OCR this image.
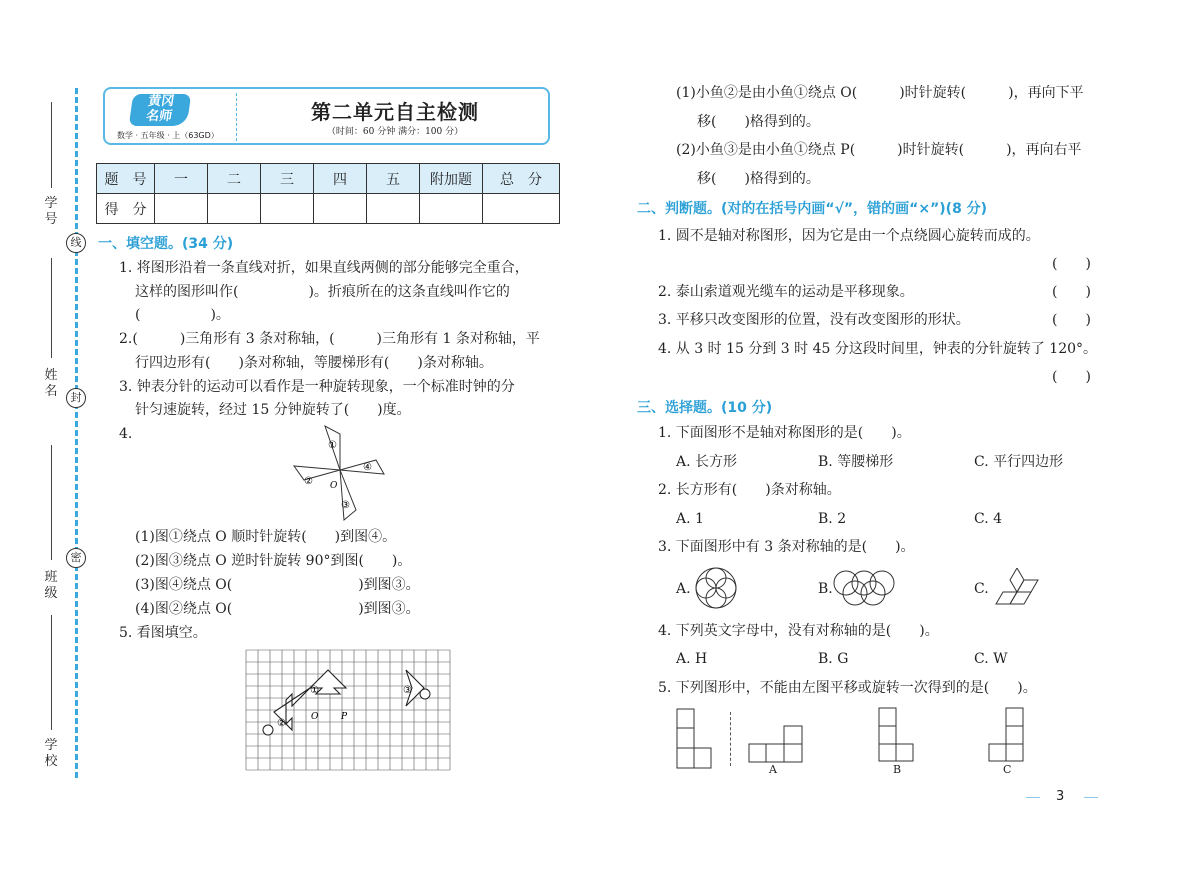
学 号
姓 名
班 级
学 校
线
封
密
黄冈
名师
数学 · 五年级 · 上（63GD）
第二单元自主检测
（时间：60 分钟 满分：100 分）
题　号	一	二	三	四	五	附加题	总　分
得　分							
一、填空题。(34 分)
1. 将图形沿着一条直线对折，如果直线两侧的部分能够完全重合，
这样的图形叫作(　　　　　)。折痕所在的这条直线叫作它的
(　　　　　)。
2.(　　　)三角形有 3 条对称轴，(　　　)三角形有 1 条对称轴，平
行四边形有(　　)条对称轴，等腰梯形有(　　)条对称轴。
3. 钟表分针的运动可以看作是一种旋转现象，一个标准时钟的分
针匀速旋转，经过 15 分钟旋转了(　　)度。
4.
①
④
②
③
O
(1)图①绕点 O 顺时针旋转(　　)到图④。
(2)图③绕点 O 逆时针旋转 90°到图(　　)。
(3)图④绕点 O(　　　　　　　　　)到图③。
(4)图②绕点 O(　　　　　　　　　)到图③。
5. 看图填空。
①
②
③
O	P
(1)小鱼②是由小鱼①绕点 O(　　　)时针旋转(　　　)，再向下平
移(　　)格得到的。
(2)小鱼③是由小鱼①绕点 P(　　　)时针旋转(　　　)，再向右平
移(　　)格得到的。
二、判断题。(对的在括号内画“√”，错的画“×”)(8 分)
1. 圆不是轴对称图形，因为它是由一个点绕圆心旋转而成的。
(　　)
2. 泰山索道观光缆车的运动是平移现象。	(　　)
3. 平移只改变图形的位置，没有改变图形的形状。	(　　)
4. 从 3 时 15 分到 3 时 45 分这段时间里，钟表的分针旋转了 120°。
(　　)
三、选择题。(10 分)
1. 下面图形不是轴对称图形的是(　　)。
A. 长方形	B. 等腰梯形	C. 平行四边形
2. 长方形有(　　)条对称轴。
A. 1	B. 2	C. 4
3. 下面图形中有 3 条对称轴的是(　　)。
A.	B.	C.
4. 下列英文字母中，没有对称轴的是(　　)。
A. H	B. G	C. W
5. 下列图形中，不能由左图平移或旋转一次得到的是(　　)。
A	B	C
3
